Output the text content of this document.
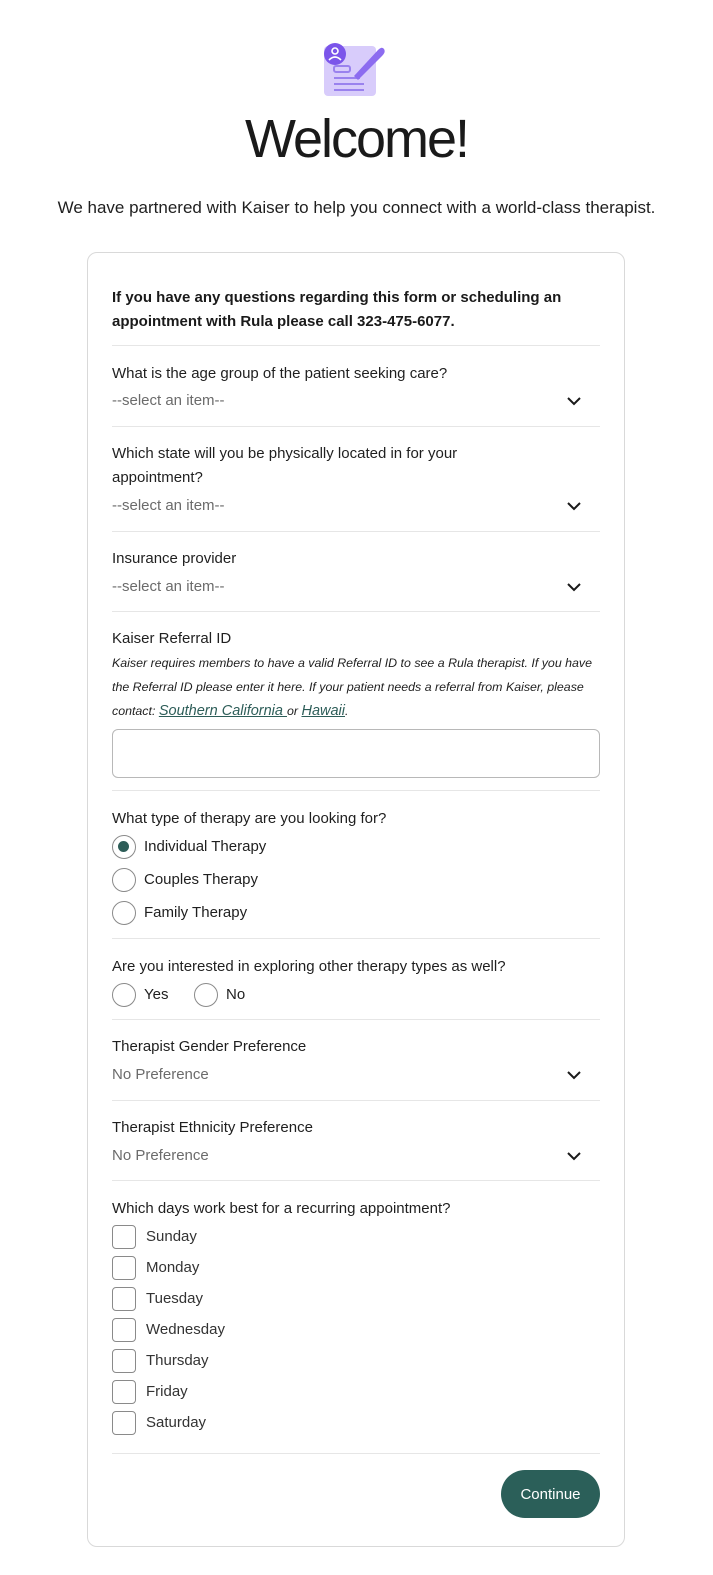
Welcome!
We have partnered with Kaiser to help you connect with a world-class therapist.
If you have any questions regarding this form or scheduling an appointment with Rula please call 323-475-6077.
What is the age group of the patient seeking care?
--select an item--
Which state will you be physically located in for your appointment?
--select an item--
Insurance provider
--select an item--
Kaiser Referral ID
Kaiser requires members to have a valid Referral ID to see a Rula therapist. If you have the Referral ID please enter it here. If your patient needs a referral from Kaiser, please contact: Southern California or Hawaii.
What type of therapy are you looking for?
Individual Therapy
Couples Therapy
Family Therapy
Are you interested in exploring other therapy types as well?
Yes	No
Therapist Gender Preference
No Preference
Therapist Ethnicity Preference
No Preference
Which days work best for a recurring appointment?
Sunday
Monday
Tuesday
Wednesday
Thursday
Friday
Saturday
Continue
